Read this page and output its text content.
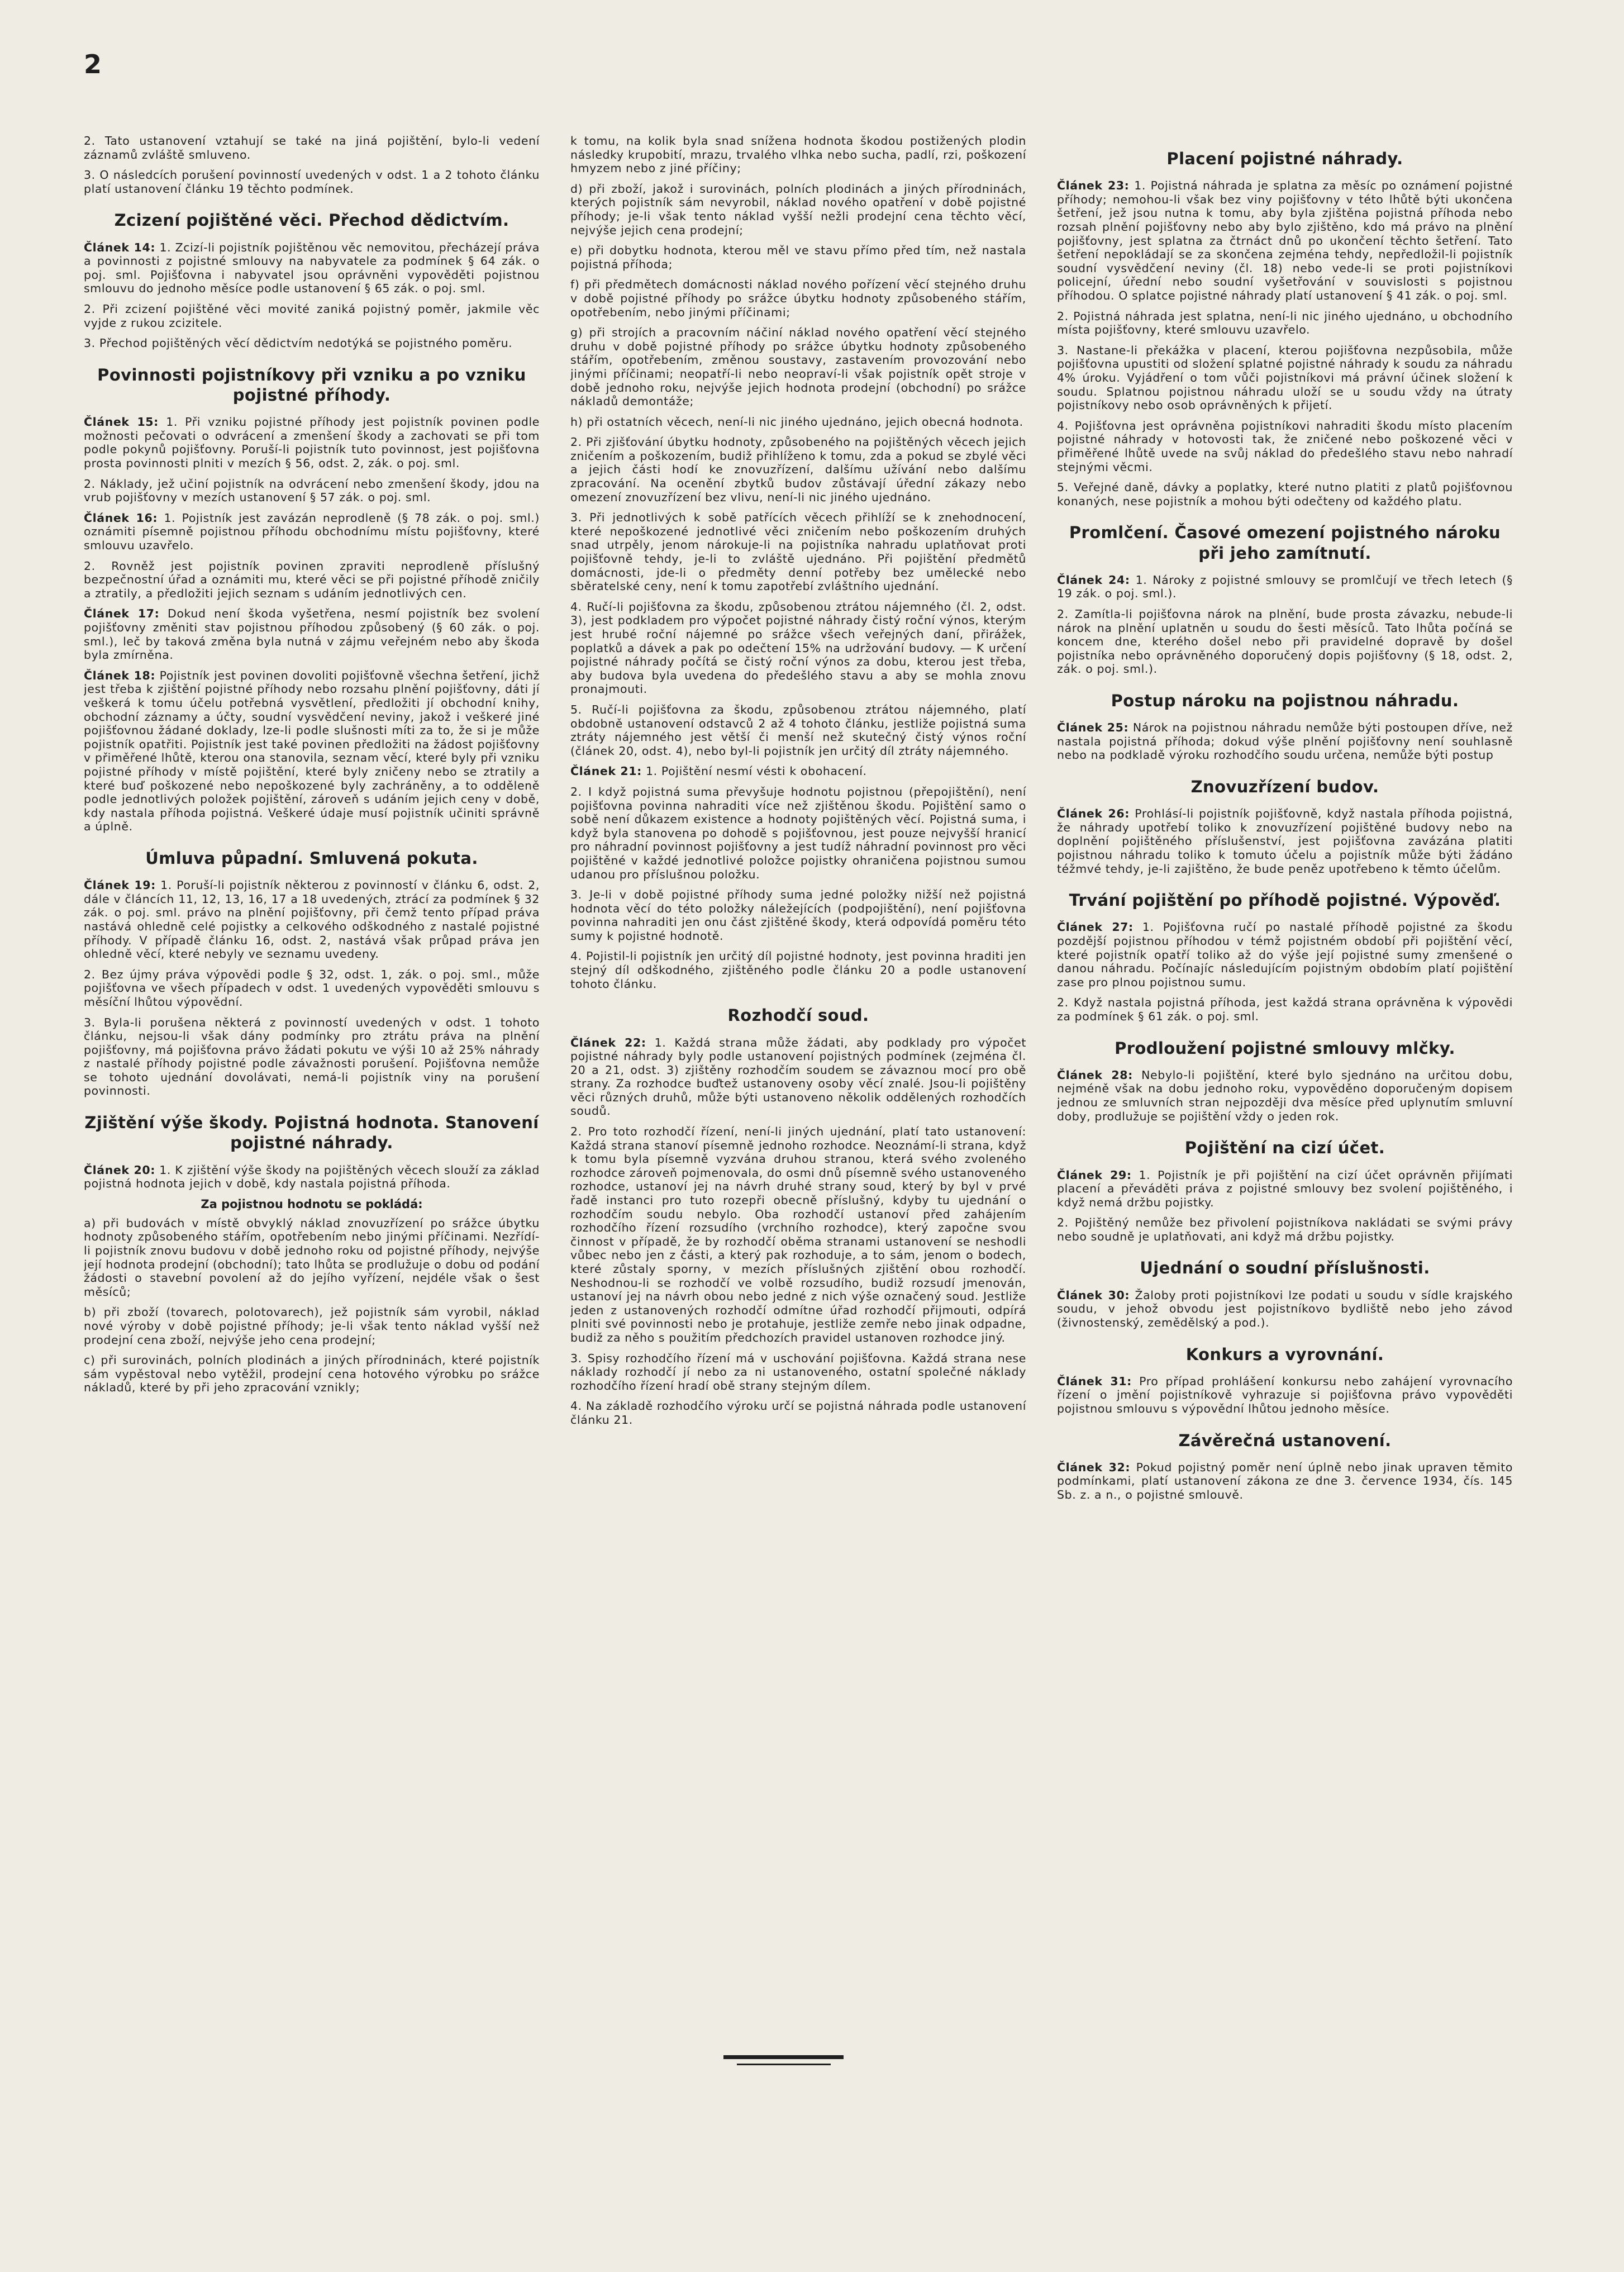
2

2. Tato ustanovení vztahují se také na jiná pojištění, bylo-li vedení záznamů zvláště smluveno.

3. O následcích porušení povinností uvedených v odst. 1 a 2 tohoto článku platí ustanovení článku 19 těchto podmínek.

Zcizení pojištěné věci. Přechod dědictvím.

Článek 14: 1. Zcizí-li pojistník pojištěnou věc nemovitou, přecházejí práva a povinnosti z pojistné smlouvy na nabyvatele za podmínek § 64 zák. o poj. sml. Pojišťovna i nabyvatel jsou oprávněni vypověděti pojistnou smlouvu do jednoho měsíce podle ustanovení § 65 zák. o poj. sml.

2. Při zcizení pojištěné věci movité zaniká pojistný poměr, jakmile věc vyjde z rukou zcizitele.

3. Přechod pojištěných věcí dědictvím nedotýká se pojistného poměru.

Povinnosti pojistníkovy při vzniku a po vzniku pojistné příhody.

Článek 15: 1. Při vzniku pojistné příhody jest pojistník povinen podle možnosti pečovati o odvrácení a zmenšení škody a zachovati se při tom podle pokynů pojišťovny. Poruší-li pojistník tuto povinnost, jest pojišťovna prosta povinnosti plniti v mezích § 56, odst. 2, zák. o poj. sml.

2. Náklady, jež učiní pojistník na odvrácení nebo zmenšení škody, jdou na vrub pojišťovny v mezích ustanovení § 57 zák. o poj. sml.

Článek 16: 1. Pojistník jest zavázán neprodleně (§ 78 zák. o poj. sml.) oznámiti písemně pojistnou příhodu obchodnímu místu pojišťovny, které smlouvu uzavřelo.

2. Rovněž jest pojistník povinen zpraviti neprodleně příslušný bezpečnostní úřad a oznámiti mu, které věci se při pojistné příhodě zničily a ztratily, a předložiti jejich seznam s udáním jednotlivých cen.

Článek 17: Dokud není škoda vyšetřena, nesmí pojistník bez svolení pojišťovny změniti stav pojistnou příhodou způsobený (§ 60 zák. o poj. sml.), leč by taková změna byla nutná v zájmu veřejném nebo aby škoda byla zmírněna.

Článek 18: Pojistník jest povinen dovoliti pojišťovně všechna šetření, jichž jest třeba k zjištění pojistné příhody nebo rozsahu plnění pojišťovny, dáti jí veškerá k tomu účelu potřebná vysvětlení, předložiti jí obchodní knihy, obchodní záznamy a účty, soudní vysvědčení neviny, jakož i veškeré jiné pojišťovnou žádané doklady, lze-li podle slušnosti míti za to, že si je může pojistník opatřiti. Pojistník jest také povinen předložiti na žádost pojišťovny v přiměřené lhůtě, kterou ona stanovila, seznam věcí, které byly při vzniku pojistné příhody v místě pojištění, které byly zničeny nebo se ztratily a které buď poškozené nebo nepoškozené byly zachráněny, a to odděleně podle jednotlivých položek pojištění, zároveň s udáním jejich ceny v době, kdy nastala příhoda pojistná. Veškeré údaje musí pojistník učiniti správně a úplně.

Úmluva půpadní. Smluvená pokuta.

Článek 19: 1. Poruší-li pojistník některou z povinností v článku 6, odst. 2, dále v článcích 11, 12, 13, 16, 17 a 18 uvedených, ztrácí za podmínek § 32 zák. o poj. sml. právo na plnění pojišťovny, při čemž tento případ práva nastává ohledně celé pojistky a celkového odškodného z nastalé pojistné příhody. V případě článku 16, odst. 2, nastává však průpad práva jen ohledně věcí, které nebyly ve seznamu uvedeny.

2. Bez újmy práva výpovědi podle § 32, odst. 1, zák. o poj. sml., může pojišťovna ve všech případech v odst. 1 uvedených vypověděti smlouvu s měsíční lhůtou výpovědní.

3. Byla-li porušena některá z povinností uvedených v odst. 1 tohoto článku, nejsou-li však dány podmínky pro ztrátu práva na plnění pojišťovny, má pojišťovna právo žádati pokutu ve výši 10 až 25% náhrady z nastalé příhody pojistné podle závažnosti porušení. Pojišťovna nemůže se tohoto ujednání dovolávati, nemá-li pojistník viny na porušení povinnosti.

Zjištění výše škody. Pojistná hodnota. Stanovení pojistné náhrady.

Článek 20: 1. K zjištění výše škody na pojištěných věcech slouží za základ pojistná hodnota jejich v době, kdy nastala pojistná příhoda.

Za pojistnou hodnotu se pokládá:

a) při budovách v místě obvyklý náklad znovuzřízení po srážce úbytku hodnoty způsobeného stářím, opotřebením nebo jinými příčinami. Nezřídí-li pojistník znovu budovu v době jednoho roku od pojistné příhody, nejvýše její hodnota prodejní (obchodní); tato lhůta se prodlužuje o dobu od podání žádosti o stavební povolení až do jejího vyřízení, nejdéle však o šest měsíců;

b) při zboží (tovarech, polotovarech), jež pojistník sám vyrobil, náklad nové výroby v době pojistné příhody; je-li však tento náklad vyšší než prodejní cena zboží, nejvýše jeho cena prodejní;

c) při surovinách, polních plodinách a jiných přírodninách, které pojistník sám vypěstoval nebo vytěžil, prodejní cena hotového výrobku po srážce nákladů, které by při jeho zpracování vznikly;

k tomu, na kolik byla snad snížena hodnota škodou postižených plodin následky krupobití, mrazu, trvalého vlhka nebo sucha, padlí, rzi, poškození hmyzem nebo z jiné příčiny;

d) při zboží, jakož i surovinách, polních plodinách a jiných přírodninách, kterých pojistník sám nevyrobil, náklad nového opatření v době pojistné příhody; je-li však tento náklad vyšší nežli prodejní cena těchto věcí, nejvýše jejich cena prodejní;

e) při dobytku hodnota, kterou měl ve stavu přímo před tím, než nastala pojistná příhoda;

f) při předmětech domácnosti náklad nového pořízení věcí stejného druhu v době pojistné příhody po srážce úbytku hodnoty způsobeného stářím, opotřebením, nebo jinými příčinami;

g) při strojích a pracovním náčiní náklad nového opatření věcí stejného druhu v době pojistné příhody po srážce úbytku hodnoty způsobeného stářím, opotřebením, změnou soustavy, zastavením provozování nebo jinými příčinami; neopatří-li nebo neopraví-li však pojistník opět stroje v době jednoho roku, nejvýše jejich hodnota prodejní (obchodní) po srážce nákladů demontáže;

h) při ostatních věcech, není-li nic jiného ujednáno, jejich obecná hodnota.

2. Při zjišťování úbytku hodnoty, způsobeného na pojištěných věcech jejich zničením a poškozením, budiž přihlíženo k tomu, zda a pokud se zbylé věci a jejich části hodí ke znovuzřízení, dalšímu užívání nebo dalšímu zpracování. Na ocenění zbytků budov zůstávají úřední zákazy nebo omezení znovuzřízení bez vlivu, není-li nic jiného ujednáno.

3. Při jednotlivých k sobě patřících věcech přihlíží se k znehodnocení, které nepoškozené jednotlivé věci zničením nebo poškozením druhých snad utrpěly, jenom nárokuje-li na pojistníka nahradu uplatňovat proti pojišťovně tehdy, je-li to zvláště ujednáno. Při pojištění předmětů domácnosti, jde-li o předměty denní potřeby bez umělecké nebo sběratelské ceny, není k tomu zapotřebí zvláštního ujednání.

4. Ručí-li pojišťovna za škodu, způsobenou ztrátou nájemného (čl. 2, odst. 3), jest podkladem pro výpočet pojistné náhrady čistý roční výnos, kterým jest hrubé roční nájemné po srážce všech veřejných daní, přirážek, poplatků a dávek a pak po odečtení 15% na udržování budovy. — K určení pojistné náhrady počítá se čistý roční výnos za dobu, kterou jest třeba, aby budova byla uvedena do předešlého stavu a aby se mohla znovu pronajmouti.

5. Ručí-li pojišťovna za škodu, způsobenou ztrátou nájemného, platí obdobně ustanovení odstavců 2 až 4 tohoto článku, jestliže pojistná suma ztráty nájemného jest větší či menší než skutečný čistý výnos roční (článek 20, odst. 4), nebo byl-li pojistník jen určitý díl ztráty nájemného.

Článek 21: 1. Pojištění nesmí vésti k obohacení.

2. I když pojistná suma převyšuje hodnotu pojistnou (přepojištění), není pojišťovna povinna nahraditi více než zjištěnou škodu. Pojištění samo o sobě není důkazem existence a hodnoty pojištěných věcí. Pojistná suma, i když byla stanovena po dohodě s pojišťovnou, jest pouze nejvyšší hranicí pro náhradní povinnost pojišťovny a jest tudíž náhradní povinnost pro věci pojištěné v každé jednotlivé položce pojistky ohraničena pojistnou sumou udanou pro příslušnou položku.

3. Je-li v době pojistné příhody suma jedné položky nižší než pojistná hodnota věcí do této položky náležejících (podpojištění), není pojišťovna povinna nahraditi jen onu část zjištěné škody, která odpovídá poměru této sumy k pojistné hodnotě.

4. Pojistil-li pojistník jen určitý díl pojistné hodnoty, jest povinna hraditi jen stejný díl odškodného, zjištěného podle článku 20 a podle ustanovení tohoto článku.

Rozhodčí soud.

Článek 22: 1. Každá strana může žádati, aby podklady pro výpočet pojistné náhrady byly podle ustanovení pojistných podmínek (zejména čl. 20 a 21, odst. 3) zjištěny rozhodčím soudem se závaznou mocí pro obě strany. Za rozhodce buďtež ustanoveny osoby věcí znalé. Jsou-li pojištěny věci různých druhů, může býti ustanoveno několik oddělených rozhodčích soudů.

2. Pro toto rozhodčí řízení, není-li jiných ujednání, platí tato ustanovení: Každá strana stanoví písemně jednoho rozhodce. Neoznámí-li strana, když k tomu byla písemně vyzvána druhou stranou, která svého zvoleného rozhodce zároveň pojmenovala, do osmi dnů písemně svého ustanoveného rozhodce, ustanoví jej na návrh druhé strany soud, který by byl v prvé řadě instanci pro tuto rozepři obecně příslušný, kdyby tu ujednání o rozhodčím soudu nebylo. Oba rozhodčí ustanoví před zahájením rozhodčího řízení rozsudího (vrchního rozhodce), který započne svou činnost v případě, že by rozhodčí oběma stranami ustanovení se neshodli vůbec nebo jen z části, a který pak rozhoduje, a to sám, jenom o bodech, které zůstaly sporny, v mezích příslušných zjištění obou rozhodčí. Neshodnou-li se rozhodčí ve volbě rozsudího, budiž rozsudí jmenován, ustanoví jej na návrh obou nebo jedné z nich výše označený soud. Jestliže jeden z ustanovených rozhodčí odmítne úřad rozhodčí přijmouti, odpírá plniti své povinnosti nebo je protahuje, jestliže zemře nebo jinak odpadne, budiž za něho s použitím předchozích pravidel ustanoven rozhodce jiný.

3. Spisy rozhodčího řízení má v uschování pojišťovna. Každá strana nese náklady rozhodčí jí nebo za ni ustanoveného, ostatní společné náklady rozhodčího řízení hradí obě strany stejným dílem.

4. Na základě rozhodčího výroku určí se pojistná náhrada podle ustanovení článku 21.

Placení pojistné náhrady.

Článek 23: 1. Pojistná náhrada je splatna za měsíc po oznámení pojistné příhody; nemohou-li však bez viny pojišťovny v této lhůtě býti ukončena šetření, jež jsou nutna k tomu, aby byla zjištěna pojistná příhoda nebo rozsah plnění pojišťovny nebo aby bylo zjištěno, kdo má právo na plnění pojišťovny, jest splatna za čtrnáct dnů po ukončení těchto šetření. Tato šetření nepokládají se za skončena zejména tehdy, nepředložil-li pojistník soudní vysvědčení neviny (čl. 18) nebo vede-li se proti pojistníkovi policejní, úřední nebo soudní vyšetřování v souvislosti s pojistnou příhodou. O splatce pojistné náhrady platí ustanovení § 41 zák. o poj. sml.

2. Pojistná náhrada jest splatna, není-li nic jiného ujednáno, u obchodního místa pojišťovny, které smlouvu uzavřelo.

3. Nastane-li překážka v placení, kterou pojišťovna nezpůsobila, může pojišťovna upustiti od složení splatné pojistné náhrady k soudu za náhradu 4% úroku. Vyjádření o tom vůči pojistníkovi má právní účinek složení k soudu. Splatnou pojistnou náhradu uloží se u soudu vždy na útraty pojistníkovy nebo osob oprávněných k přijetí.

4. Pojišťovna jest oprávněna pojistníkovi nahraditi škodu místo placením pojistné náhrady v hotovosti tak, že zničené nebo poškozené věci v přiměřené lhůtě uvede na svůj náklad do předešlého stavu nebo nahradí stejnými věcmi.

5. Veřejné daně, dávky a poplatky, které nutno platiti z platů pojišťovnou konaných, nese pojistník a mohou býti odečteny od každého platu.

Promlčení. Časové omezení pojistného nároku při jeho zamítnutí.

Článek 24: 1. Nároky z pojistné smlouvy se promlčují ve třech letech (§ 19 zák. o poj. sml.).

2. Zamítla-li pojišťovna nárok na plnění, bude prosta závazku, nebude-li nárok na plnění uplatněn u soudu do šesti měsíců. Tato lhůta počíná se koncem dne, kterého došel nebo při pravidelné dopravě by došel pojistníka nebo oprávněného doporučený dopis pojišťovny (§ 18, odst. 2, zák. o poj. sml.).

Postup nároku na pojistnou náhradu.

Článek 25: Nárok na pojistnou náhradu nemůže býti postoupen dříve, než nastala pojistná příhoda; dokud výše plnění pojišťovny není souhlasně nebo na podkladě výroku rozhodčího soudu určena, nemůže býti postup

Znovuzřízení budov.

Článek 26: Prohlásí-li pojistník pojišťovně, když nastala příhoda pojistná, že náhrady upotřebí toliko k znovuzřízení pojištěné budovy nebo na doplnění pojištěného příslušenství, jest pojišťovna zavázána platiti pojistnou náhradu toliko k tomuto účelu a pojistník může býti žádáno téžmvé tehdy, je-li zajištěno, že bude peněz upotřebeno k těmto účelům.

Trvání pojištění po příhodě pojistné. Výpověď.

Článek 27: 1. Pojišťovna ručí po nastalé příhodě pojistné za škodu pozdější pojistnou příhodou v témž pojistném období při pojištění věcí, které pojistník opatří toliko až do výše její pojistné sumy zmenšené o danou náhradu. Počínajíc následujícím pojistným obdobím platí pojištění zase pro plnou pojistnou sumu.

2. Když nastala pojistná příhoda, jest každá strana oprávněna k výpovědi za podmínek § 61 zák. o poj. sml.

Prodloužení pojistné smlouvy mlčky.

Článek 28: Nebylo-li pojištění, které bylo sjednáno na určitou dobu, nejméně však na dobu jednoho roku, vypověděno doporučeným dopisem jednou ze smluvních stran nejpozději dva měsíce před uplynutím smluvní doby, prodlužuje se pojištění vždy o jeden rok.

Pojištění na cizí účet.

Článek 29: 1. Pojistník je při pojištění na cizí účet oprávněn přijímati placení a převáděti práva z pojistné smlouvy bez svolení pojištěného, i když nemá držbu pojistky.

2. Pojištěný nemůže bez přivolení pojistníkova nakládati se svými právy nebo soudně je uplatňovati, ani když má držbu pojistky.

Ujednání o soudní příslušnosti.

Článek 30: Žaloby proti pojistníkovi lze podati u soudu v sídle krajského soudu, v jehož obvodu jest pojistníkovo bydliště nebo jeho závod (živnostenský, zemědělský a pod.).

Konkurs a vyrovnání.

Článek 31: Pro případ prohlášení konkursu nebo zahájení vyrovnacího řízení o jmění pojistníkově vyhrazuje si pojišťovna právo vypověděti pojistnou smlouvu s výpovědní lhůtou jednoho měsíce.

Závěrečná ustanovení.

Článek 32: Pokud pojistný poměr není úplně nebo jinak upraven těmito podmínkami, platí ustanovení zákona ze dne 3. července 1934, čís. 145 Sb. z. a n., o pojistné smlouvě.
